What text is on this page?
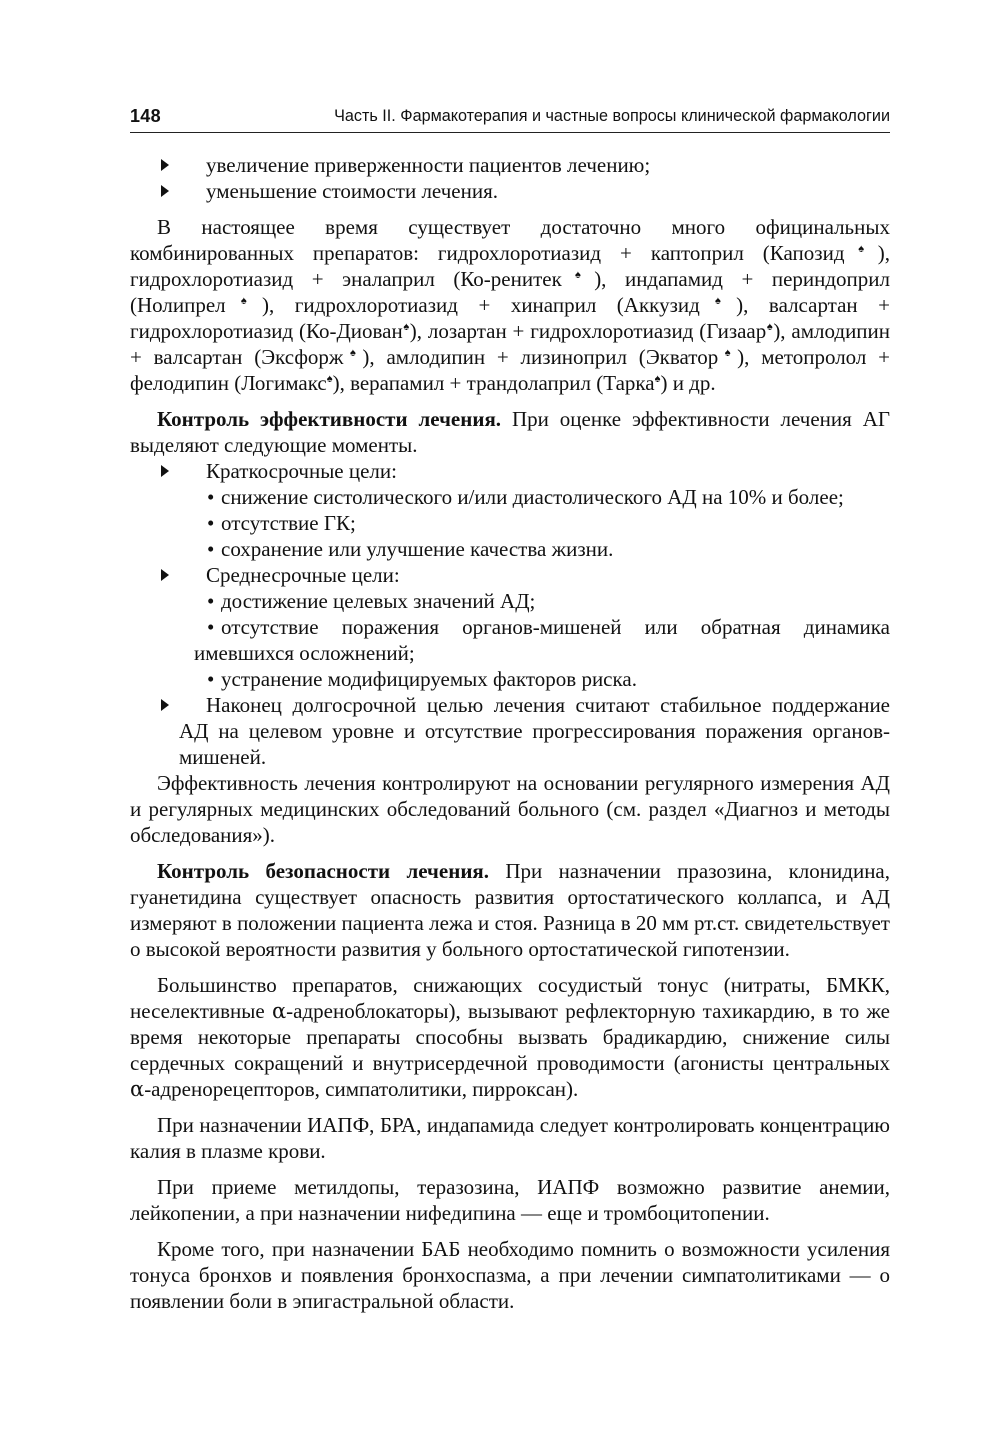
148	Часть II. Фармакотерапия и частные вопросы клинической фармакологии

увеличение приверженности пациентов лечению;

уменьшение стоимости лечения.

В настоящее время существует достаточно много официнальных комбинированных препаратов: гидрохлоротиазид + каптоприл (Капозид♠), гидрохлоротиазид + эналаприл (Ко-ренитек♠), индапамид + периндоприл (Нолипрел♠), гидрохлоротиазид + хинаприл (Аккузид♠), валсартан + гидрохлоротиазид (Ко-Диован♠), лозартан + гидрохлоротиазид (Гизаар♠), амлодипин + валсартан (Эксфорж♠), амлодипин + лизиноприл (Экватор♠), метопролол + фелодипин (Логимакс♠), верапамил + трандолаприл (Тарка♠) и др.

Контроль эффективности лечения. При оценке эффективности лечения АГ выделяют следующие моменты.

Краткосрочные цели:

• снижение систолического и/или диастолического АД на 10% и более;

• отсутствие ГК;

• сохранение или улучшение качества жизни.

Среднесрочные цели:

• достижение целевых значений АД;

• отсутствие поражения органов-мишеней или обратная динамика имевшихся осложнений;

• устранение модифицируемых факторов риска.

Наконец долгосрочной целью лечения считают стабильное поддержание АД на целевом уровне и отсутствие прогрессирования поражения органов-мишеней.

Эффективность лечения контролируют на основании регулярного измерения АД и регулярных медицинских обследований больного (см. раздел «Диагноз и методы обследования»).

Контроль безопасности лечения. При назначении празозина, клонидина, гуанетидина существует опасность развития ортостатического коллапса, и АД измеряют в положении пациента лежа и стоя. Разница в 20 мм рт.ст. свидетельствует о высокой вероятности развития у больного ортостатической гипотензии.

Большинство препаратов, снижающих сосудистый тонус (нитраты, БМКК, неселективные α-адреноблокаторы), вызывают рефлекторную тахикардию, в то же время некоторые препараты способны вызвать брадикардию, снижение силы сердечных сокращений и внутрисердечной проводимости (агонисты центральных α-адренорецепторов, симпатолитики, пирроксан).

При назначении ИАПФ, БРА, индапамида следует контролировать концентрацию калия в плазме крови.

При приеме метилдопы, теразозина, ИАПФ возможно развитие анемии, лейкопении, а при назначении нифедипина — еще и тромбоцитопении.

Кроме того, при назначении БАБ необходимо помнить о возможности усиления тонуса бронхов и появления бронхоспазма, а при лечении симпатолитиками — о появлении боли в эпигастральной области.
